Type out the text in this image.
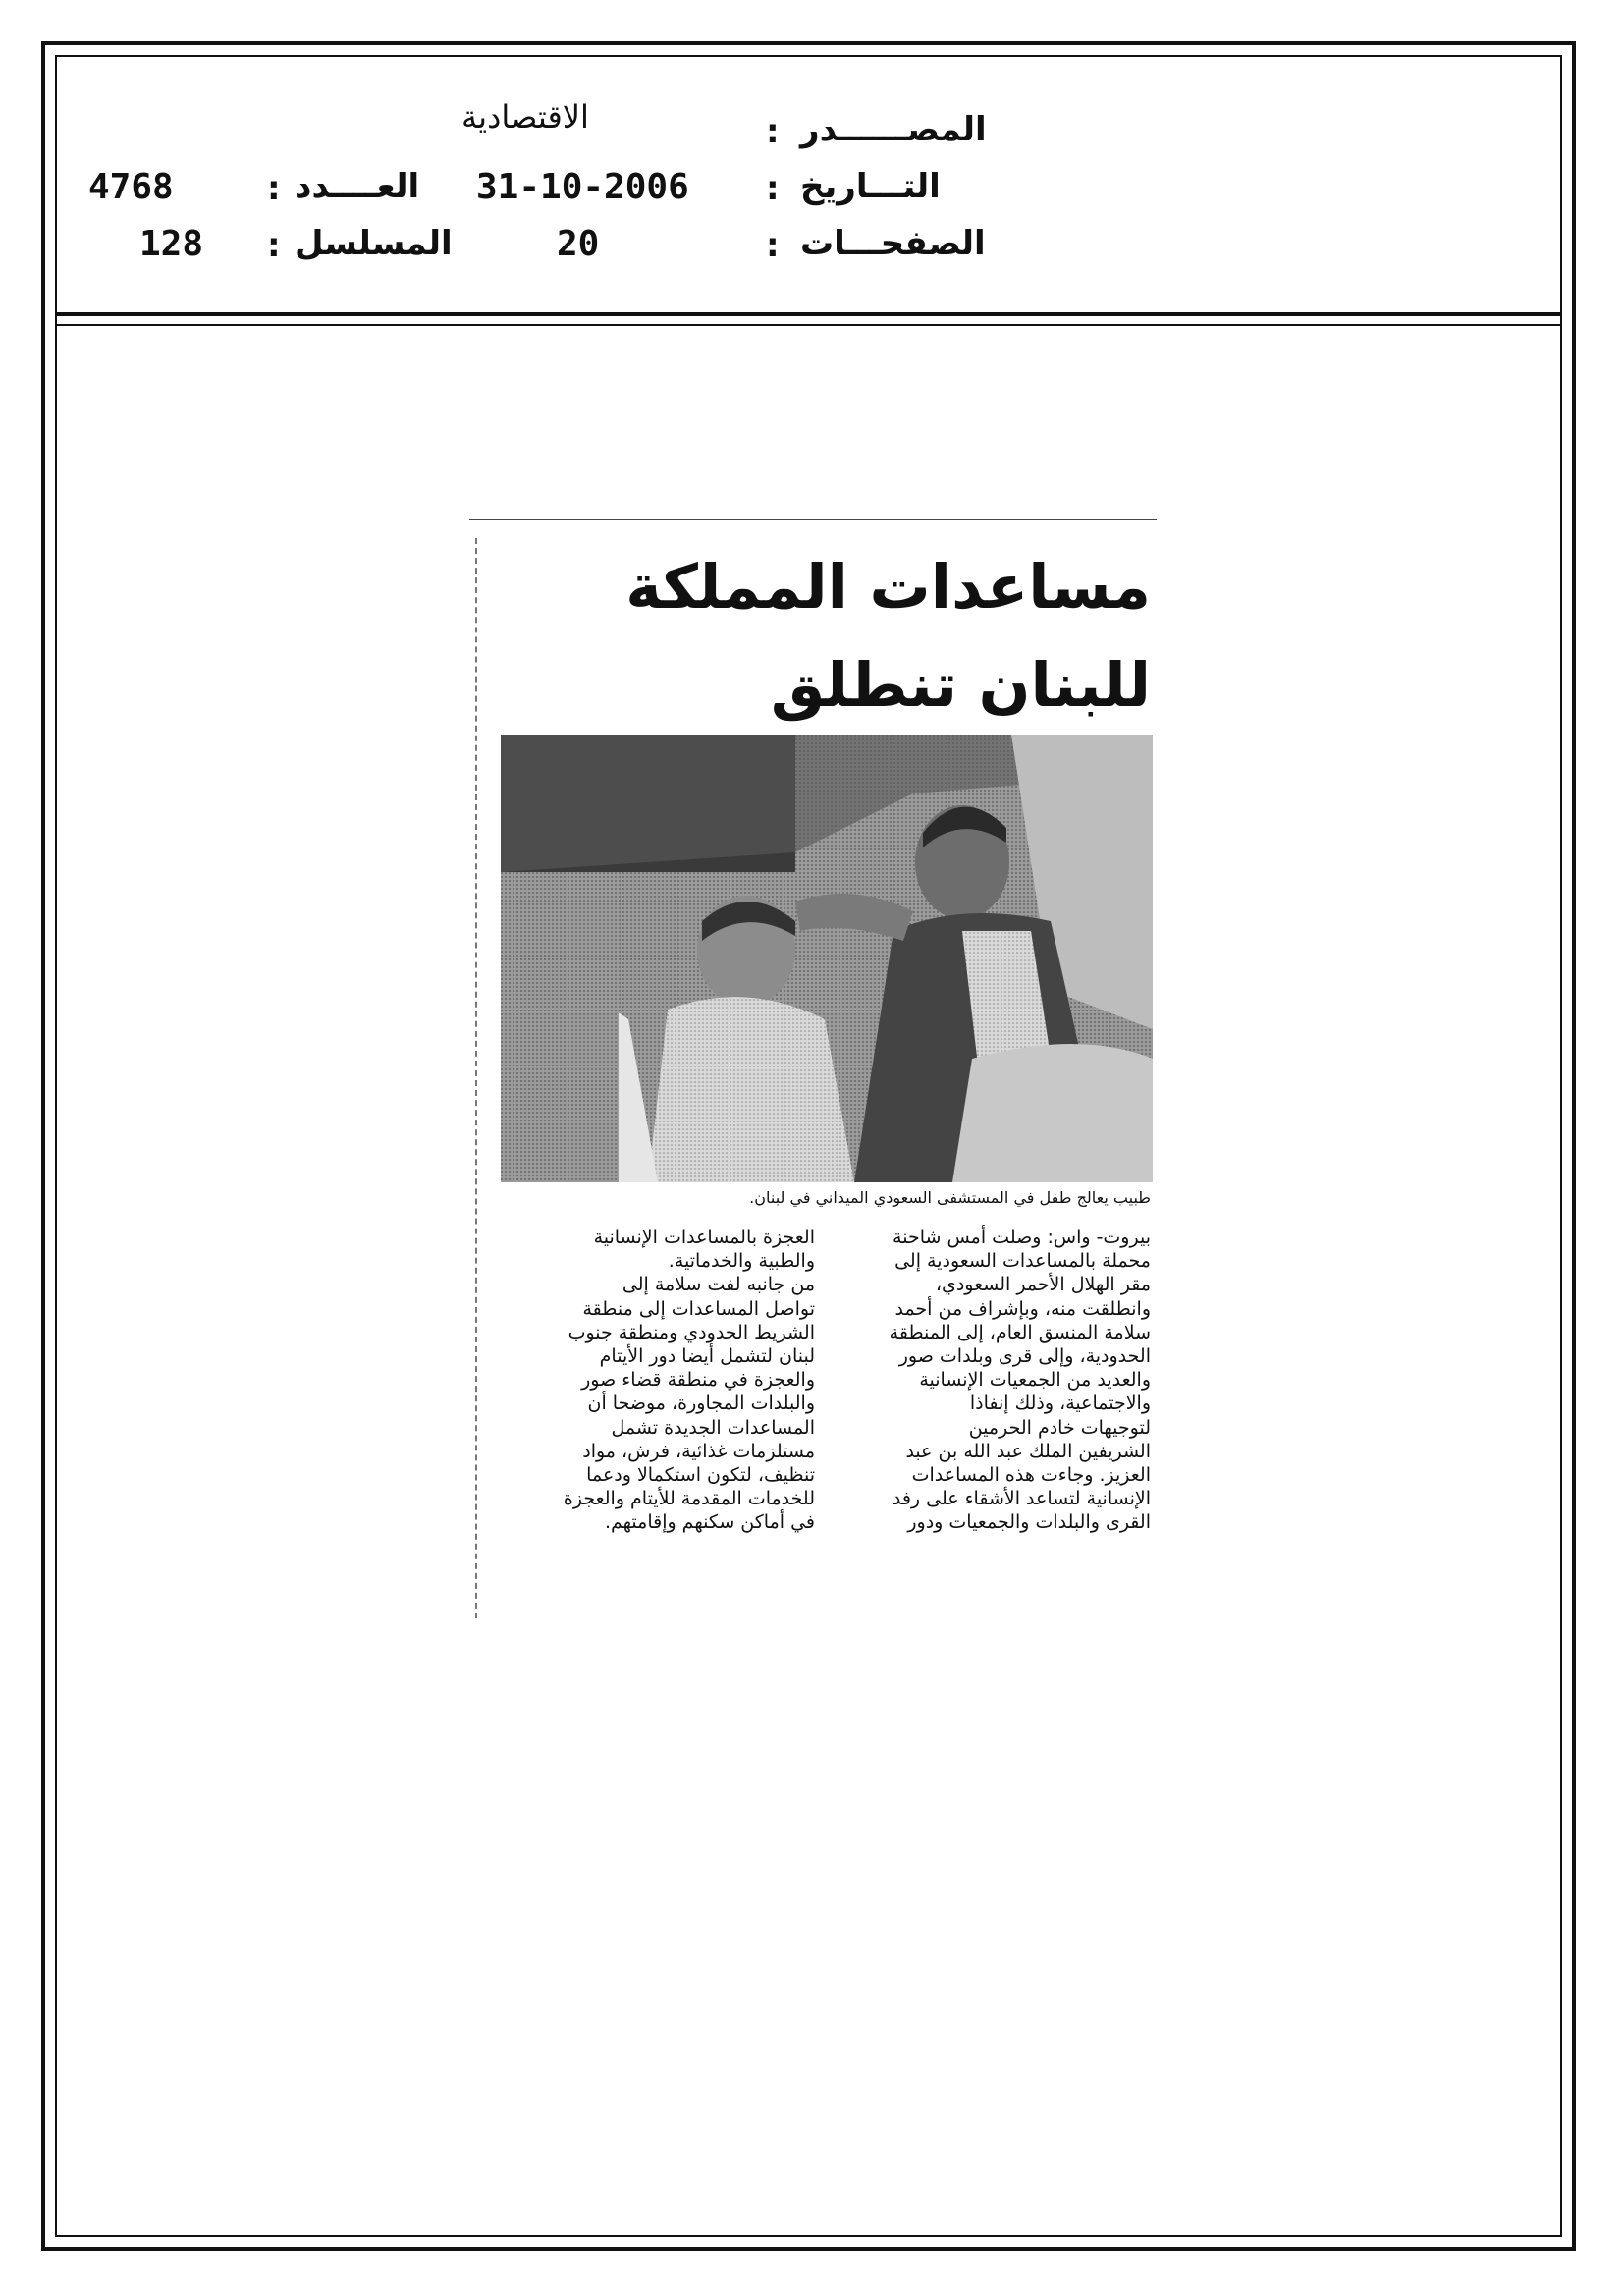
المصــــــدر
:
الاقتصادية
التـــاريخ
:
31-10-2006
العــــدد
:
4768
الصفحـــات
:
20
المسلسل
:
128
مساعدات المملكة للبنان تنطلق

طبيب يعالج طفل في المستشفى السعودي الميداني في لبنان.
بيروت- واس: وصلت أمس شاحنة
محملة بالمساعدات السعودية إلى
مقر الهلال الأحمر السعودي،
وانطلقت منه، وبإشراف من أحمد
سلامة المنسق العام، إلى المنطقة
الحدودية، وإلى قرى وبلدات صور
والعديد من الجمعيات الإنسانية
والاجتماعية، وذلك إنفاذا
لتوجيهات خادم الحرمين
الشريفين الملك عبد الله بن عبد
العزيز. وجاءت هذه المساعدات
الإنسانية لتساعد الأشقاء على رفد
القرى والبلدات والجمعيات ودور
العجزة بالمساعدات الإنسانية
والطبية والخدماتية.
من جانبه لفت سلامة إلى
تواصل المساعدات إلى منطقة
الشريط الحدودي ومنطقة جنوب
لبنان لتشمل أيضا دور الأيتام
والعجزة في منطقة قضاء صور
والبلدات المجاورة، موضحا أن
المساعدات الجديدة تشمل
مستلزمات غذائية، فرش، مواد
تنظيف، لتكون استكمالا ودعما
للخدمات المقدمة للأيتام والعجزة
في أماكن سكنهم وإقامتهم.
